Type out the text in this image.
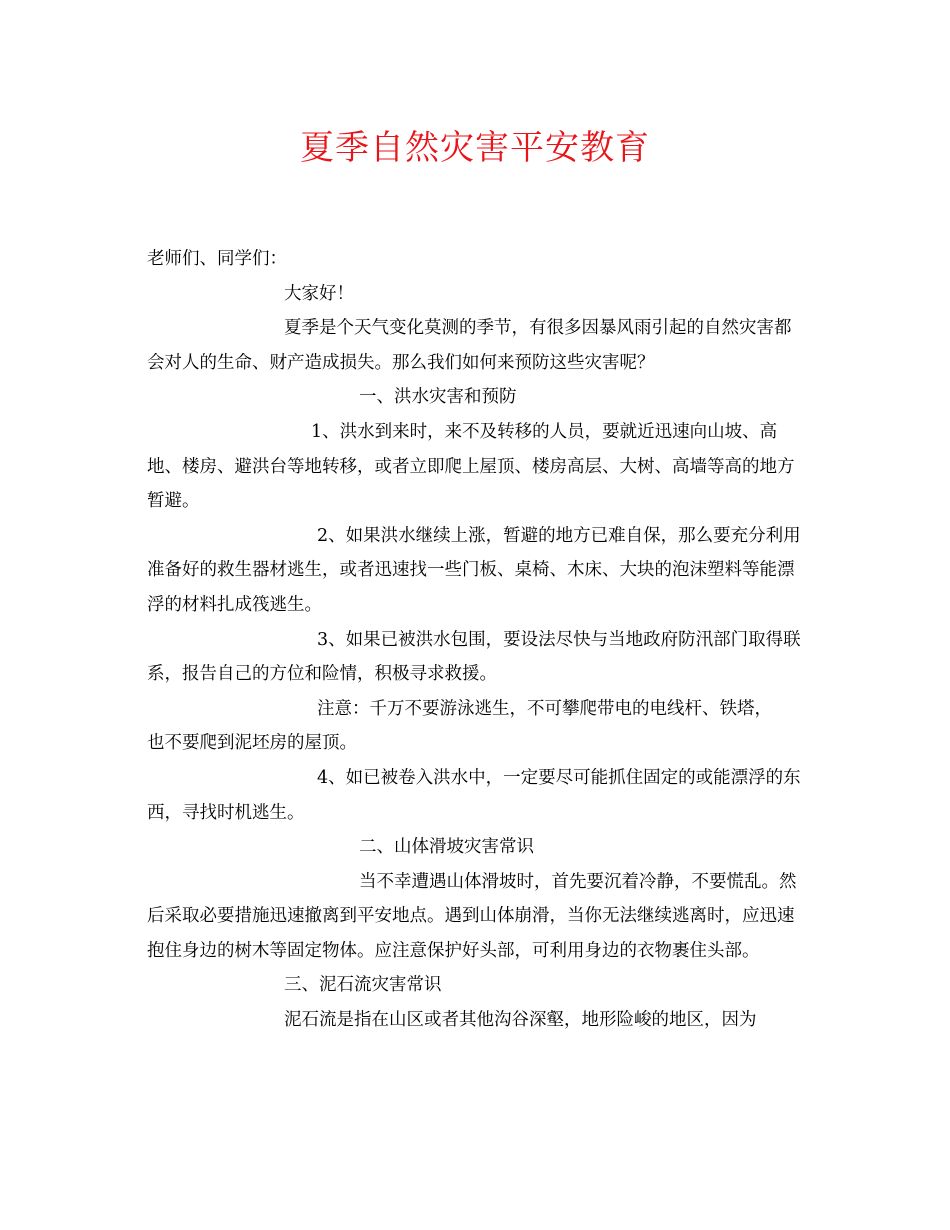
夏季自然灾害平安教育

老师们、同学们：

大家好！

夏季是个天气变化莫测的季节，有很多因暴风雨引起的自然灾害都会对人的生命、财产造成损失。那么我们如何来预防这些灾害呢？

一、洪水灾害和预防

1、洪水到来时，来不及转移的人员，要就近迅速向山坡、高地、楼房、避洪台等地转移，或者立即爬上屋顶、楼房高层、大树、高墙等高的地方暂避。

2、如果洪水继续上涨，暂避的地方已难自保，那么要充分利用准备好的救生器材逃生，或者迅速找一些门板、桌椅、木床、大块的泡沫塑料等能漂浮的材料扎成筏逃生。

3、如果已被洪水包围，要设法尽快与当地政府防汛部门取得联系，报告自己的方位和险情，积极寻求救援。

注意：千万不要游泳逃生，不可攀爬带电的电线杆、铁塔，也不要爬到泥坯房的屋顶。

4、如已被卷入洪水中，一定要尽可能抓住固定的或能漂浮的东西，寻找时机逃生。

二、山体滑坡灾害常识

当不幸遭遇山体滑坡时，首先要沉着冷静，不要慌乱。然后采取必要措施迅速撤离到平安地点。遇到山体崩滑，当你无法继续逃离时，应迅速抱住身边的树木等固定物体。应注意保护好头部，可利用身边的衣物裹住头部。

三、泥石流灾害常识

泥石流是指在山区或者其他沟谷深壑，地形险峻的地区，因为
